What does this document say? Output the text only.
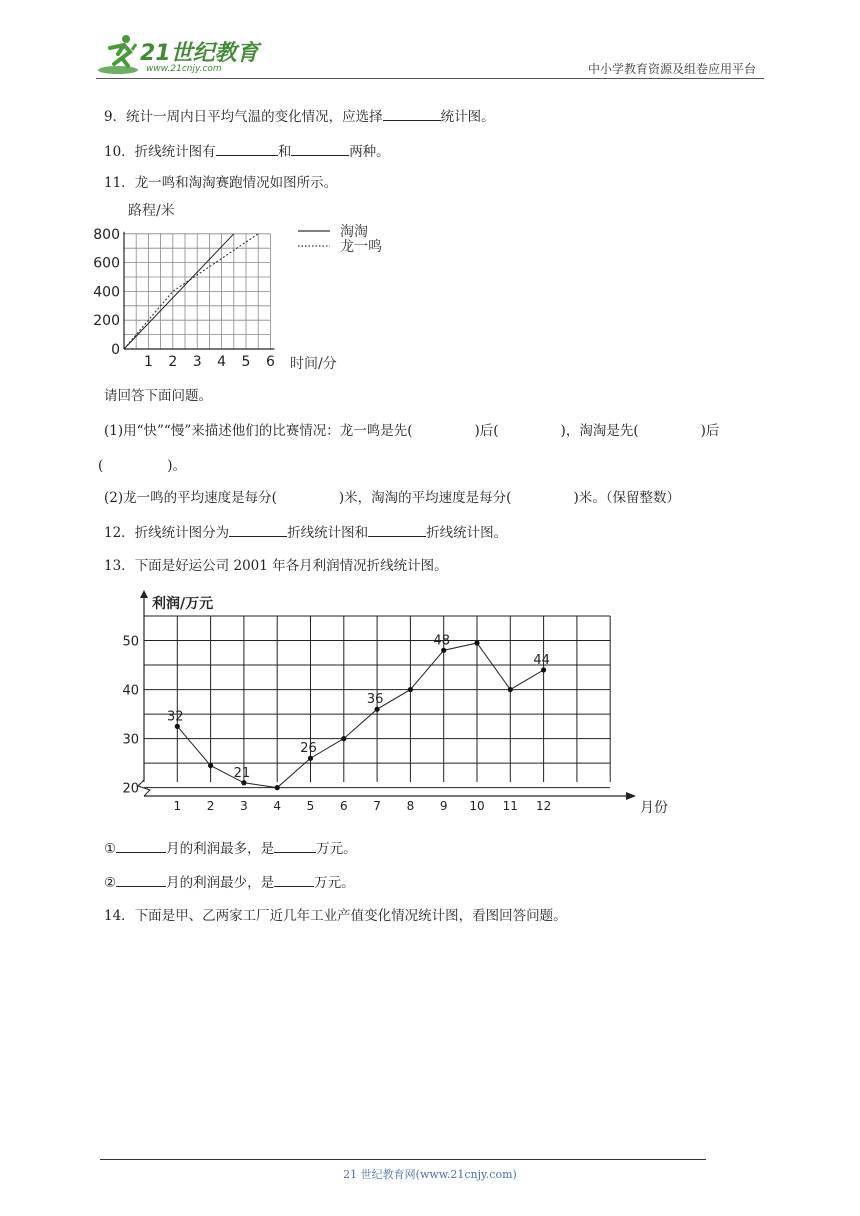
21世纪教育
www.21cnjy.com	中小学教育资源及组卷应用平台
9．统计一周内日平均气温的变化情况，应选择	统计图。
10．折线统计图有	和	两种。
11．龙一鸣和淘淘赛跑情况如图所示。
1 2 3 4 5 6
0
200
400
600
800
路程/米
时间/分
淘淘
龙一鸣
请回答下面问题。
(1)用“快”“慢”来描述他们的比赛情况：龙一鸣是先(	)后(	)，淘淘是先(	)后
(	)。
(2)龙一鸣的平均速度是每分(	)米，淘淘的平均速度是每分(	)米。（保留整数）
12．折线统计图分为	折线统计图和	折线统计图。
13．下面是好运公司 2001 年各月利润情况折线统计图。
1 2 3 4 5 6 7 8 9 10 11 12
20
30
40
50
32
21
26
36
48
44
利润/万元
月份
①	月的利润最多，是	万元。
②	月的利润最少，是	万元。
14．下面是甲、乙两家工厂近几年工业产值变化情况统计图，看图回答问题。
21 世纪教育网(www.21cnjy.com)
